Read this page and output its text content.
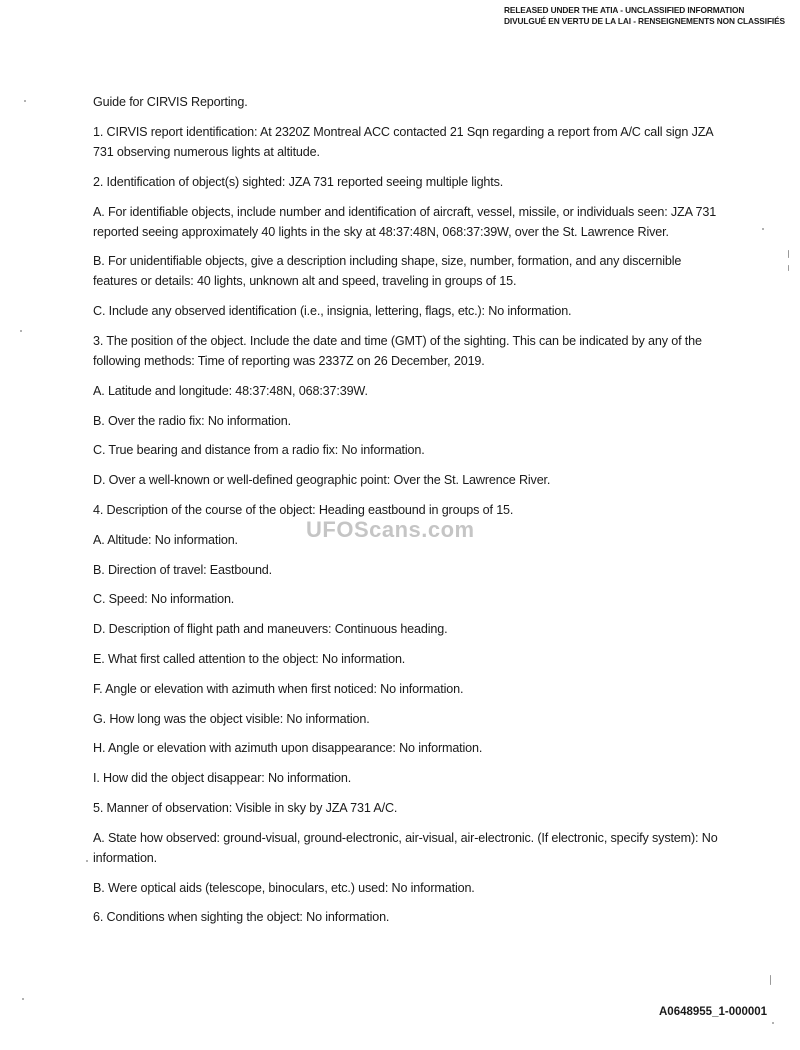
RELEASED UNDER THE ATIA - UNCLASSIFIED INFORMATION
DIVULGUÉ EN VERTU DE LA LAI - RENSEIGNEMENTS NON CLASSIFIÉS

Guide for CIRVIS Reporting.

1. CIRVIS report identification: At 2320Z Montreal ACC contacted 21 Sqn regarding a report from A/C call sign JZA 731 observing numerous lights at altitude.

2. Identification of object(s) sighted: JZA 731 reported seeing multiple lights.

A. For identifiable objects, include number and identification of aircraft, vessel, missile, or individuals seen: JZA 731 reported seeing approximately 40 lights in the sky at 48:37:48N, 068:37:39W, over the St. Lawrence River.

B. For unidentifiable objects, give a description including shape, size, number, formation, and any discernible features or details: 40 lights, unknown alt and speed, traveling in groups of 15.

C. Include any observed identification (i.e., insignia, lettering, flags, etc.): No information.

3. The position of the object. Include the date and time (GMT) of the sighting. This can be indicated by any of the following methods: Time of reporting was 2337Z on 26 December, 2019.

A. Latitude and longitude: 48:37:48N, 068:37:39W.

B. Over the radio fix: No information.

C. True bearing and distance from a radio fix: No information.

D. Over a well-known or well-defined geographic point: Over the St. Lawrence River.

4. Description of the course of the object: Heading eastbound in groups of 15.

A. Altitude: No information.

B. Direction of travel: Eastbound.

C. Speed: No information.

D. Description of flight path and maneuvers: Continuous heading.

E. What first called attention to the object: No information.

F. Angle or elevation with azimuth when first noticed: No information.

G. How long was the object visible: No information.

H. Angle or elevation with azimuth upon disappearance: No information.

I. How did the object disappear: No information.

5. Manner of observation: Visible in sky by JZA 731 A/C.

A. State how observed: ground-visual, ground-electronic, air-visual, air-electronic. (If electronic, specify system): No information.

B. Were optical aids (telescope, binoculars, etc.) used: No information.

6. Conditions when sighting the object: No information.

UFOScans.com
A0648955_1-000001
